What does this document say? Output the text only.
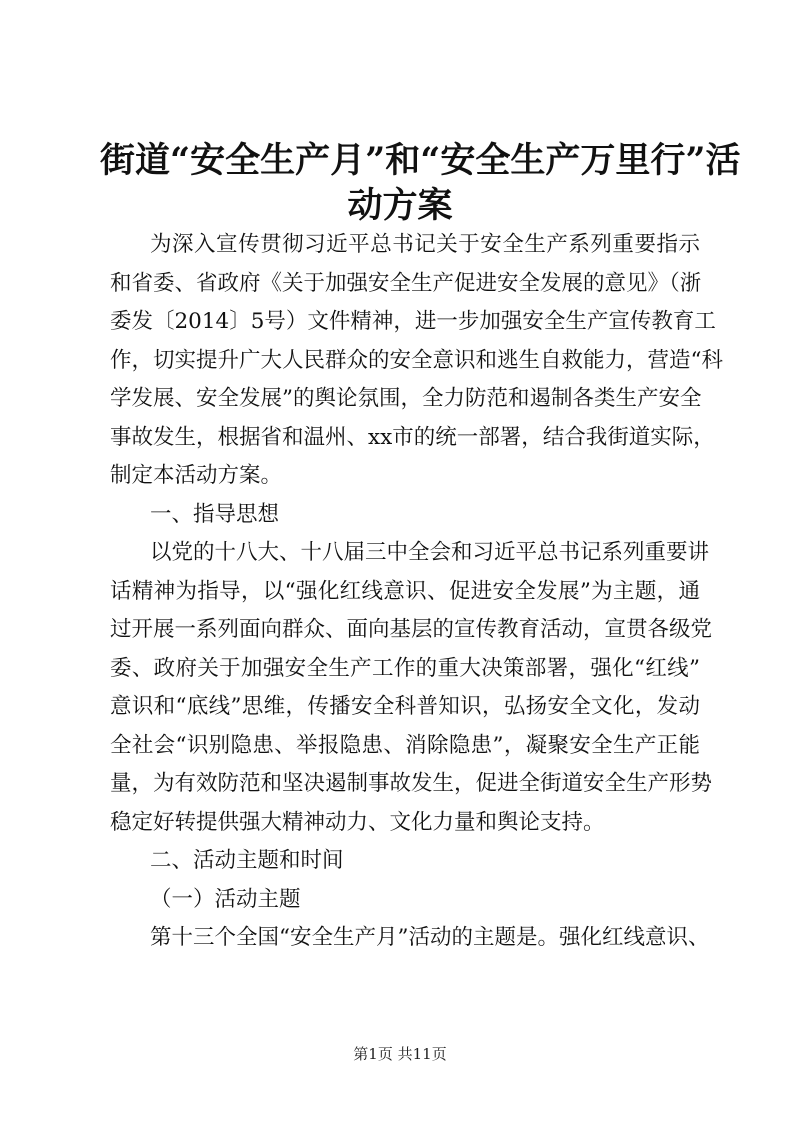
街道“安全生产月”和“安全生产万里行”活
动方案
为深入宣传贯彻习近平总书记关于安全生产系列重要指示
和省委、省政府《关于加强安全生产促进安全发展的意见》（浙
委发〔2014〕5号）文件精神，进一步加强安全生产宣传教育工
作，切实提升广大人民群众的安全意识和逃生自救能力，营造“科
学发展、安全发展”的舆论氛围，全力防范和遏制各类生产安全
事故发生，根据省和温州、xx市的统一部署，结合我街道实际，
制定本活动方案。
一、指导思想
以党的十八大、十八届三中全会和习近平总书记系列重要讲
话精神为指导，以“强化红线意识、促进安全发展”为主题，通
过开展一系列面向群众、面向基层的宣传教育活动，宣贯各级党
委、政府关于加强安全生产工作的重大决策部署，强化“红线”
意识和“底线”思维，传播安全科普知识，弘扬安全文化，发动
全社会“识别隐患、举报隐患、消除隐患”，凝聚安全生产正能
量，为有效防范和坚决遏制事故发生，促进全街道安全生产形势
稳定好转提供强大精神动力、文化力量和舆论支持。
二、活动主题和时间
（一）活动主题
第十三个全国“安全生产月”活动的主题是。强化红线意识、
第1页 共11页
